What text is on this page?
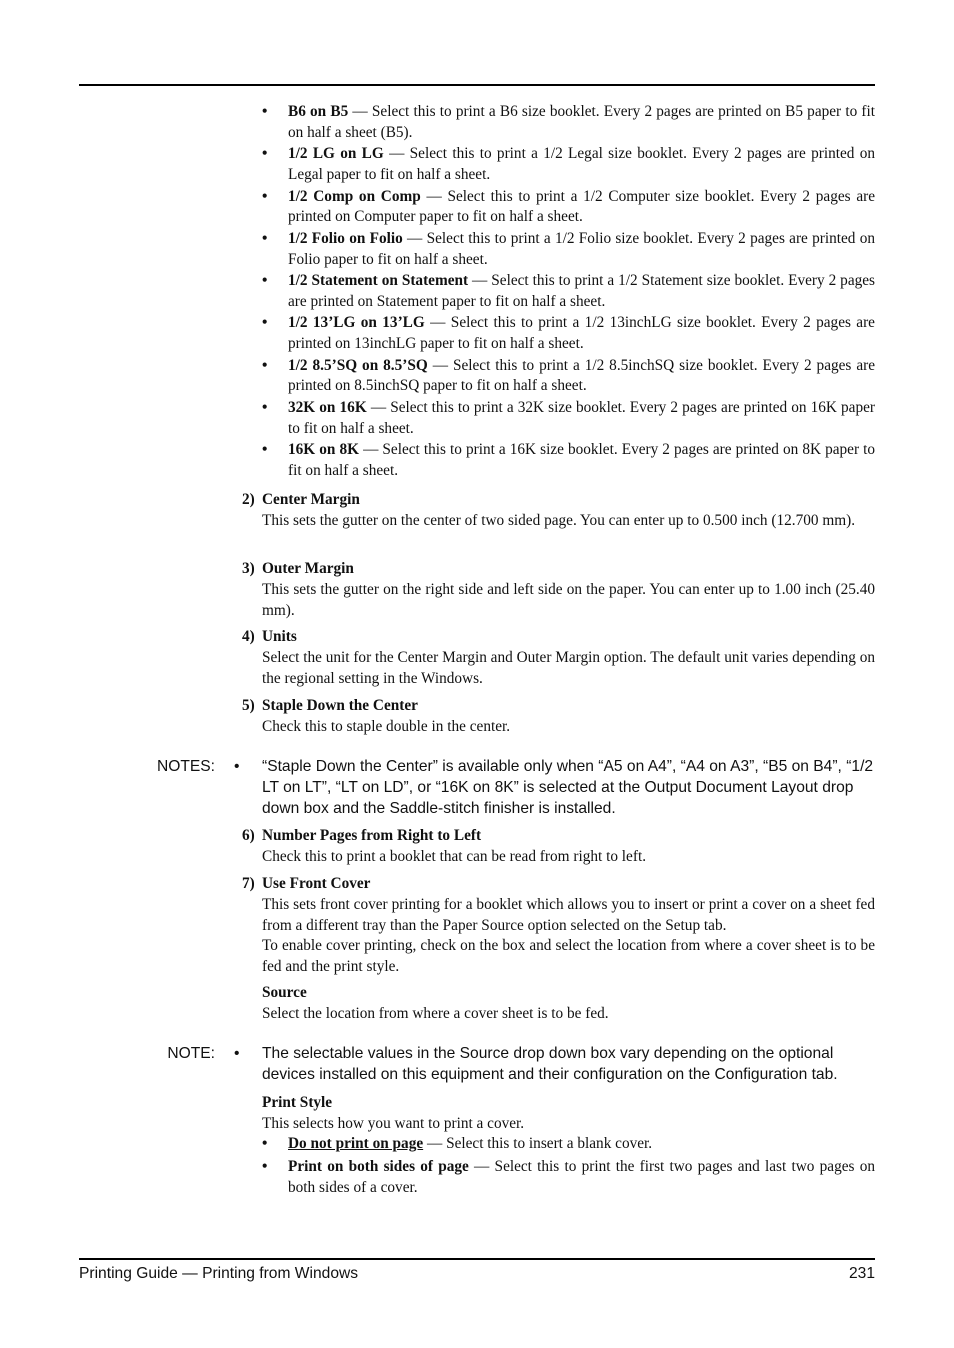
• B6 on B5 — Select this to print a B6 size booklet. Every 2 pages are printed on B5 paper to fit on half a sheet (B5).
• 1/2 LG on LG — Select this to print a 1/2 Legal size booklet. Every 2 pages are printed on Legal paper to fit on half a sheet.
• 1/2 Comp on Comp — Select this to print a 1/2 Computer size booklet. Every 2 pages are printed on Computer paper to fit on half a sheet.
• 1/2 Folio on Folio — Select this to print a 1/2 Folio size booklet. Every 2 pages are printed on Folio paper to fit on half a sheet.
• 1/2 Statement on Statement — Select this to print a 1/2 Statement size booklet. Every 2 pages are printed on Statement paper to fit on half a sheet.
• 1/2 13’LG on 13’LG — Select this to print a 1/2 13inchLG size booklet. Every 2 pages are printed on 13inchLG paper to fit on half a sheet.
• 1/2 8.5’SQ on 8.5’SQ — Select this to print a 1/2 8.5inchSQ size booklet. Every 2 pages are printed on 8.5inchSQ paper to fit on half a sheet.
• 32K on 16K — Select this to print a 32K size booklet. Every 2 pages are printed on 16K paper to fit on half a sheet.
• 16K on 8K — Select this to print a 16K size booklet. Every 2 pages are printed on 8K paper to fit on half a sheet.
2) Center Margin
This sets the gutter on the center of two sided page. You can enter up to 0.500 inch (12.700 mm).
3) Outer Margin
This sets the gutter on the right side and left side on the paper. You can enter up to 1.00 inch (25.40 mm).
4) Units
Select the unit for the Center Margin and Outer Margin option. The default unit varies depending on the regional setting in the Windows.
5) Staple Down the Center
Check this to staple double in the center.
NOTES: • “Staple Down the Center” is available only when “A5 on A4”, “A4 on A3”, “B5 on B4”, “1/2 LT on LT”, “LT on LD”, or “16K on 8K” is selected at the Output Document Layout drop down box and the Saddle-stitch finisher is installed.
6) Number Pages from Right to Left
Check this to print a booklet that can be read from right to left.
7) Use Front Cover
This sets front cover printing for a booklet which allows you to insert or print a cover on a sheet fed from a different tray than the Paper Source option selected on the Setup tab.
To enable cover printing, check on the box and select the location from where a cover sheet is to be fed and the print style.
Source
Select the location from where a cover sheet is to be fed.
NOTE: • The selectable values in the Source drop down box vary depending on the optional devices installed on this equipment and their configuration on the Configuration tab.
Print Style
This selects how you want to print a cover.
• Do not print on page — Select this to insert a blank cover.
• Print on both sides of page — Select this to print the first two pages and last two pages on both sides of a cover.
Printing Guide — Printing from Windows	231
